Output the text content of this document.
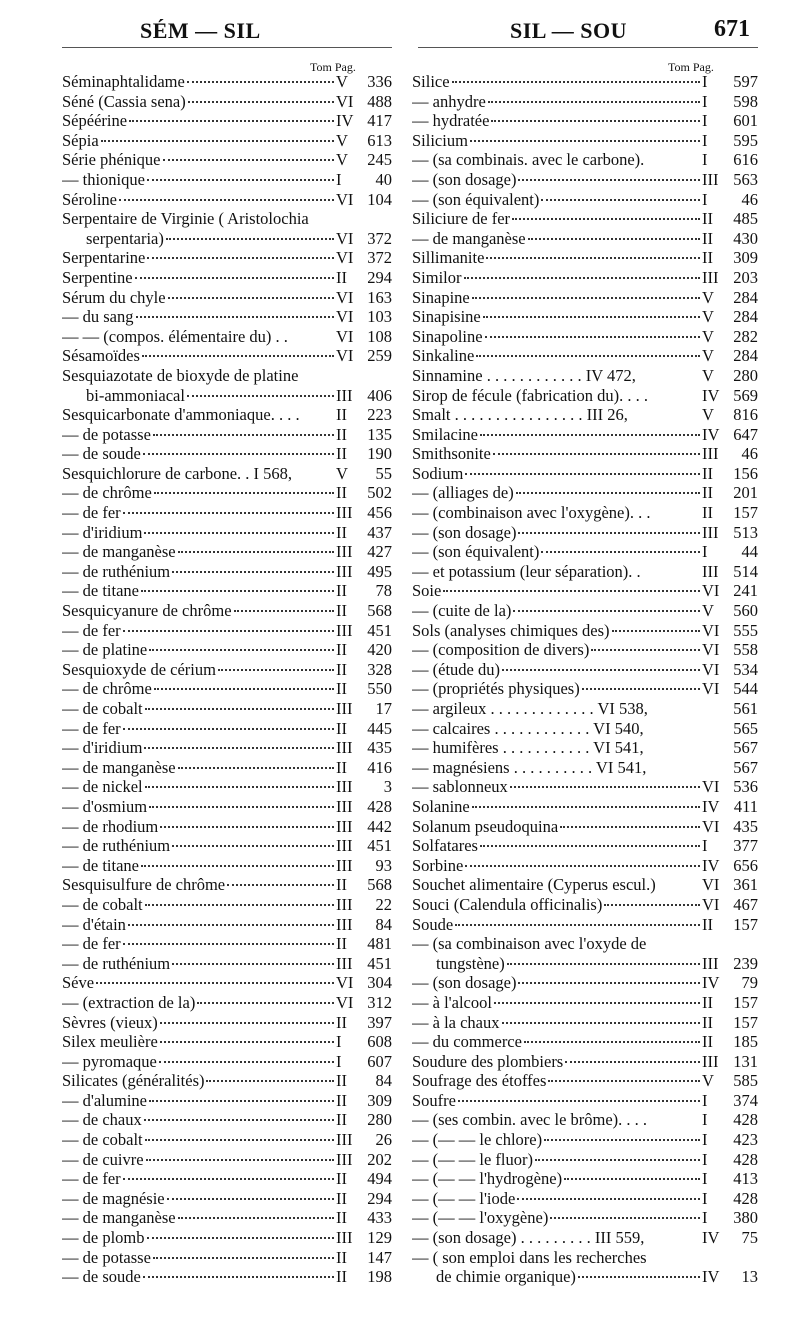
SÉM — SIL	SIL — SOU	671
Tom Pag.	Tom Pag.
Séminaphtalidame	V	336
Séné (Cassia sena)	VI 488
Sépéérine	IV 417
Sépia	V	613
Série phénique	V	245
— thionique	I	40
Séroline	VI 104
Serpentaire de Virginie ( Aristolochia
serpentaria)	VI 372
Serpentarine	VI 372
Serpentine	II	294
Sérum du chyle	VI 163
— du sang	VI 103
— — (compos. élémentaire du) . .	VI 108
Sésamoïdes	VI 259
Sesquiazotate de bioxyde de platine
bi-ammoniacal	III 406
Sesquicarbonate d'ammoniaque. . . . II	223
— de potasse	II	135
— de soude	II	190
Sesquichlorure de carbone. . I 568,	V	55
— de chrôme	II	502
— de fer	III 456
— d'iridium	II	437
— de manganèse	III 427
— de ruthénium	III 495
— de titane	II	78
Sesquicyanure de chrôme	II	568
— de fer	III 451
— de platine	II	420
Sesquioxyde de cérium	II	328
— de chrôme	II	550
— de cobalt	III	17
— de fer	II	445
— d'iridium	III 435
— de manganèse	II	416
— de nickel	III	3
— d'osmium	III 428
— de rhodium	III 442
— de ruthénium	III 451
— de titane	III	93
Sesquisulfure de chrôme	II	568
— de cobalt	III	22
— d'étain	III	84
— de fer	II	481
— de ruthénium	III 451
Séve	VI 304
— (extraction de la)	VI 312
Sèvres (vieux)	II	397
Silex meulière	I	608
— pyromaque	I	607
Silicates (généralités)	II	84
— d'alumine	II	309
— de chaux	II	280
— de cobalt	III	26
— de cuivre	III 202
— de fer	II	494
— de magnésie	II	294
— de manganèse	II	433
— de plomb	III 129
— de potasse	II	147
— de soude	II	198
Silice	I	597
— anhydre	I	598
— hydratée	I	601
Silicium	I	595
— (sa combinais. avec le carbone).	I	616
— (son dosage)	III 563
— (son équivalent)	I	46
Siliciure de fer	II	485
— de manganèse	II	430
Sillimanite	II	309
Similor	III 203
Sinapine	V	284
Sinapisine	V	284
Sinapoline	V	282
Sinkaline	V	284
Sinnamine . . . . . . . . . . . . IV 472,	V	280
Sirop de fécule (fabrication du). . . .	IV 569
Smalt . . . . . . . . . . . . . . . . III 26,	V	816
Smilacine	IV 647
Smithsonite	III	46
Sodium	II	156
— (alliages de)	II	201
— (combinaison avec l'oxygène). . .	II	157
— (son dosage)	III 513
— (son équivalent)	I	44
— et potassium (leur séparation). .	III 514
Soie	VI 241
— (cuite de la)	V	560
Sols (analyses chimiques des)	VI 555
— (composition de divers)	VI 558
— (étude du)	VI 534
— (propriétés physiques)	VI 544
— argileux . . . . . . . . . . . . . VI 538,	561
— calcaires . . . . . . . . . . . . VI 540,	565
— humifères . . . . . . . . . . . VI 541,	567
— magnésiens . . . . . . . . . . VI 541,	567
— sablonneux	VI 536
Solanine	IV 411
Solanum pseudoquina	VI 435
Solfatares	I	377
Sorbine	IV 656
Souchet alimentaire (Cyperus escul.)	VI 361
Souci (Calendula officinalis)	VI 467
Soude	II	157
— (sa combinaison avec l'oxyde de
tungstène)	III 239
— (son dosage)	IV	79
— à l'alcool	II	157
— à la chaux	II	157
— du commerce	II	185
Soudure des plombiers	III 131
Soufrage des étoffes	V	585
Soufre	I	374
— (ses combin. avec le brôme). . . .	I	428
— (— — le chlore)	I	423
— (— — le fluor)	I	428
— (— — l'hydrogène)	I	413
— (— — l'iode	I	428
— (— — l'oxygène)	I	380
— (son dosage) . . . . . . . . . III 559,	IV	75
— ( son emploi dans les recherches
de chimie organique)	IV	13
